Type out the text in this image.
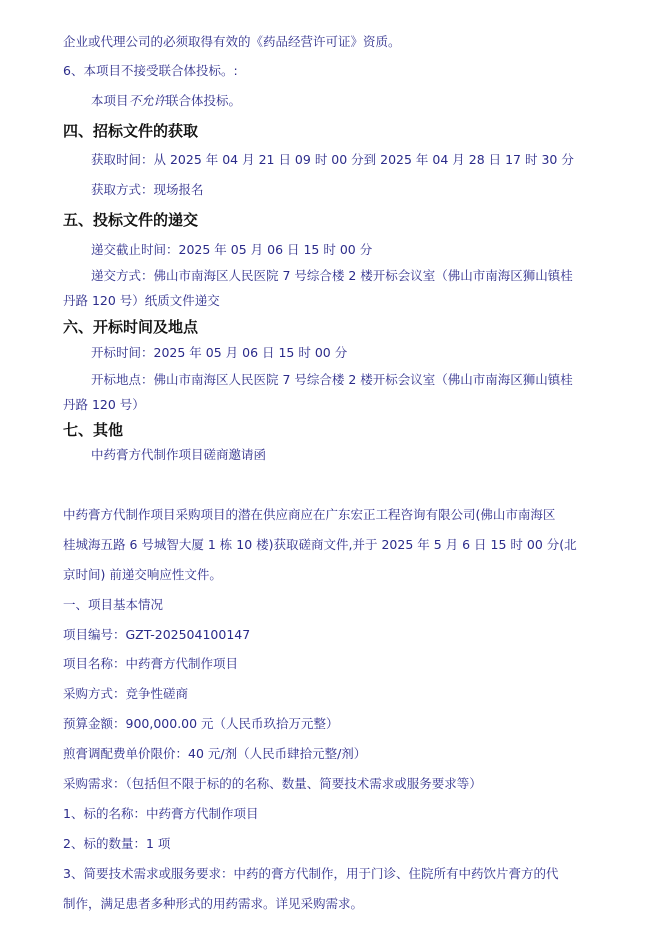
企业或代理公司的必须取得有效的《药品经营许可证》资质。
6、本项目不接受联合体投标。:
本项目不允许联合体投标。
四、招标文件的获取
获取时间：从 2025 年 04 月 21 日 09 时 00 分到 2025 年 04 月 28 日 17 时 30 分
获取方式：现场报名
五、投标文件的递交
递交截止时间：2025 年 05 月 06 日 15 时 00 分
递交方式：佛山市南海区人民医院 7 号综合楼 2 楼开标会议室（佛山市南海区狮山镇桂
丹路 120 号）纸质文件递交
六、开标时间及地点
开标时间：2025 年 05 月 06 日 15 时 00 分
开标地点：佛山市南海区人民医院 7 号综合楼 2 楼开标会议室（佛山市南海区狮山镇桂
丹路 120 号）
七、其他
中药膏方代制作项目磋商邀请函
中药膏方代制作项目采购项目的潜在供应商应在广东宏正工程咨询有限公司(佛山市南海区
桂城海五路 6 号城智大厦 1 栋 10 楼)获取磋商文件,并于 2025 年 5 月 6 日 15 时 00 分(北
京时间) 前递交响应性文件。
一、项目基本情况
项目编号：GZT-202504100147
项目名称：中药膏方代制作项目
采购方式：竞争性磋商
预算金额：900,000.00 元（人民币玖拾万元整）
煎膏调配费单价限价：40 元/剂（人民币肆拾元整/剂）
采购需求：（包括但不限于标的的名称、数量、简要技术需求或服务要求等）
1、标的名称：中药膏方代制作项目
2、标的数量：1 项
3、简要技术需求或服务要求：中药的膏方代制作，用于门诊、住院所有中药饮片膏方的代
制作，满足患者多种形式的用药需求。详见采购需求。
